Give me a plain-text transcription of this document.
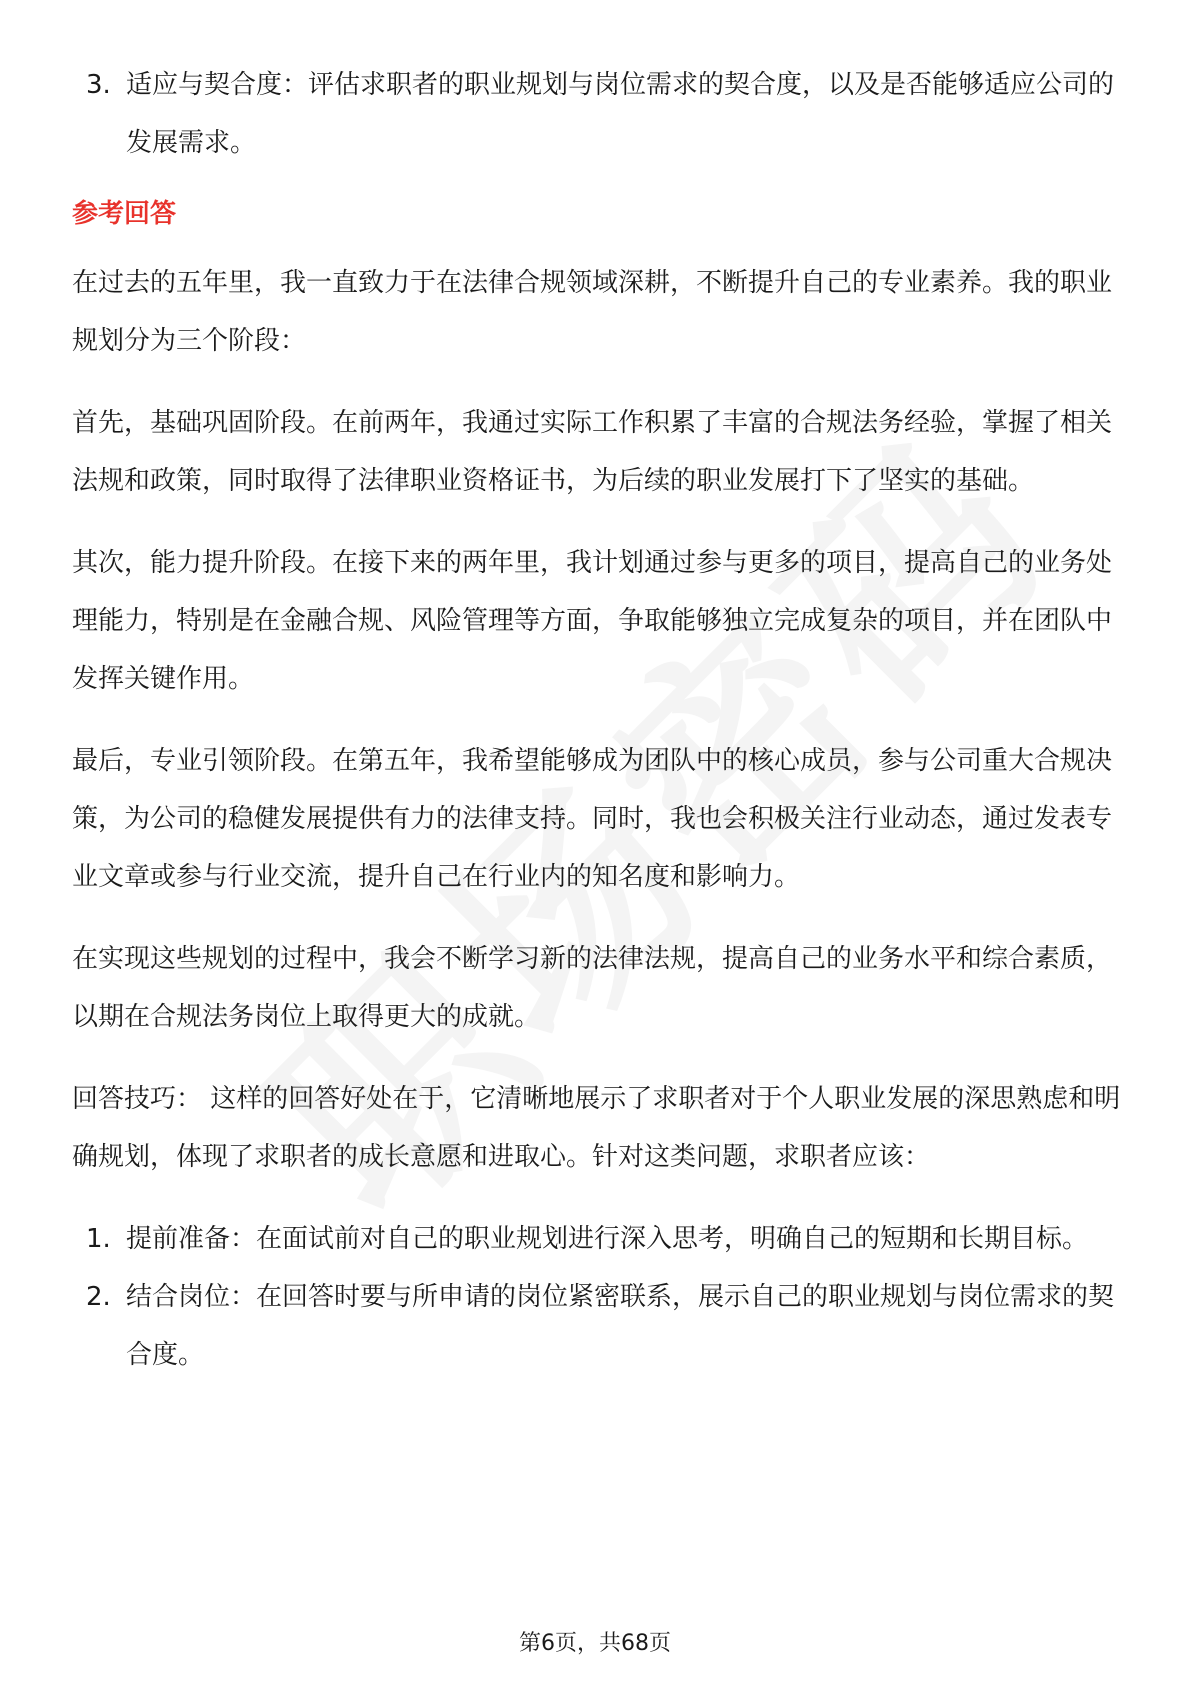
3. 适应与契合度：评估求职者的职业规划与岗位需求的契合度，以及是否能够适应公司的发展需求。
参考回答

在过去的五年里，我一直致力于在法律合规领域深耕，不断提升自己的专业素养。我的职业规划分为三个阶段：

首先，基础巩固阶段。在前两年，我通过实际工作积累了丰富的合规法务经验，掌握了相关法规和政策，同时取得了法律职业资格证书，为后续的职业发展打下了坚实的基础。

其次，能力提升阶段。在接下来的两年里，我计划通过参与更多的项目，提高自己的业务处理能力，特别是在金融合规、风险管理等方面，争取能够独立完成复杂的项目，并在团队中发挥关键作用。

最后，专业引领阶段。在第五年，我希望能够成为团队中的核心成员，参与公司重大合规决策，为公司的稳健发展提供有力的法律支持。同时，我也会积极关注行业动态，通过发表专业文章或参与行业交流，提升自己在行业内的知名度和影响力。

在实现这些规划的过程中，我会不断学习新的法律法规，提高自己的业务水平和综合素质，以期在合规法务岗位上取得更大的成就。

回答技巧： 这样的回答好处在于，它清晰地展示了求职者对于个人职业发展的深思熟虑和明确规划，体现了求职者的成长意愿和进取心。针对这类问题，求职者应该：

1. 提前准备：在面试前对自己的职业规划进行深入思考，明确自己的短期和长期目标。
2. 结合岗位：在回答时要与所申请的岗位紧密联系，展示自己的职业规划与岗位需求的契合度。
第6页，共68页
